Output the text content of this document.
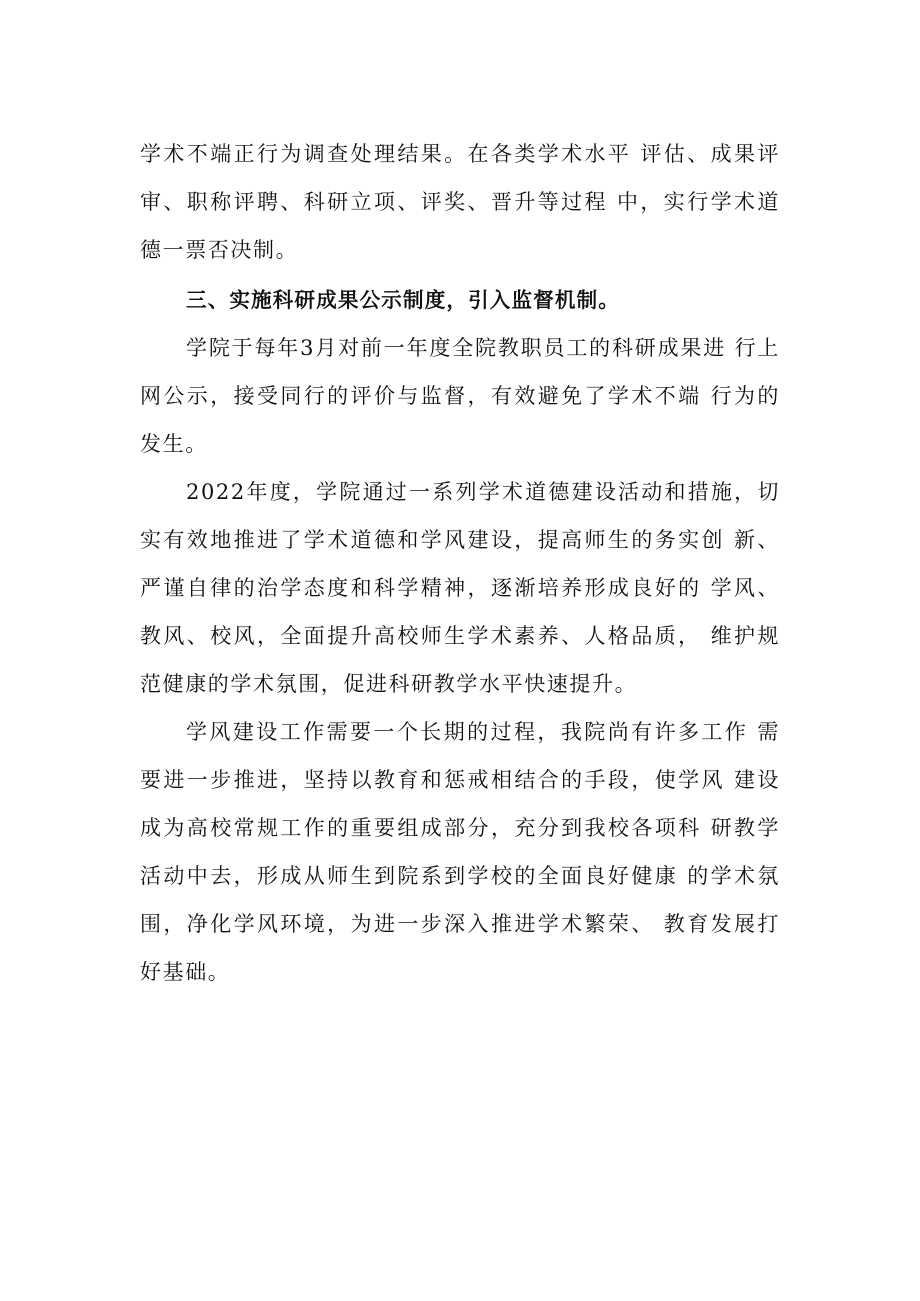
学术不端正行为调查处理结果。在各类学术水平 评估、成果评审、职称评聘、科研立项、评奖、晋升等过程 中，实行学术道德一票否决制。

三、实施科研成果公示制度，引入监督机制。

学院于每年3月对前一年度全院教职员工的科研成果进 行上网公示，接受同行的评价与监督，有效避免了学术不端 行为的发生。

2022年度，学院通过一系列学术道德建设活动和措施，切实有效地推进了学术道德和学风建设，提高师生的务实创 新、严谨自律的治学态度和科学精神，逐渐培养形成良好的 学风、教风、校风，全面提升高校师生学术素养、人格品质， 维护规范健康的学术氛围，促进科研教学水平快速提升。

学风建设工作需要一个长期的过程，我院尚有许多工作 需要进一步推进，坚持以教育和惩戒相结合的手段，使学风 建设成为高校常规工作的重要组成部分，充分到我校各项科 研教学活动中去，形成从师生到院系到学校的全面良好健康 的学术氛围，净化学风环境，为进一步深入推进学术繁荣、 教育发展打好基础。
